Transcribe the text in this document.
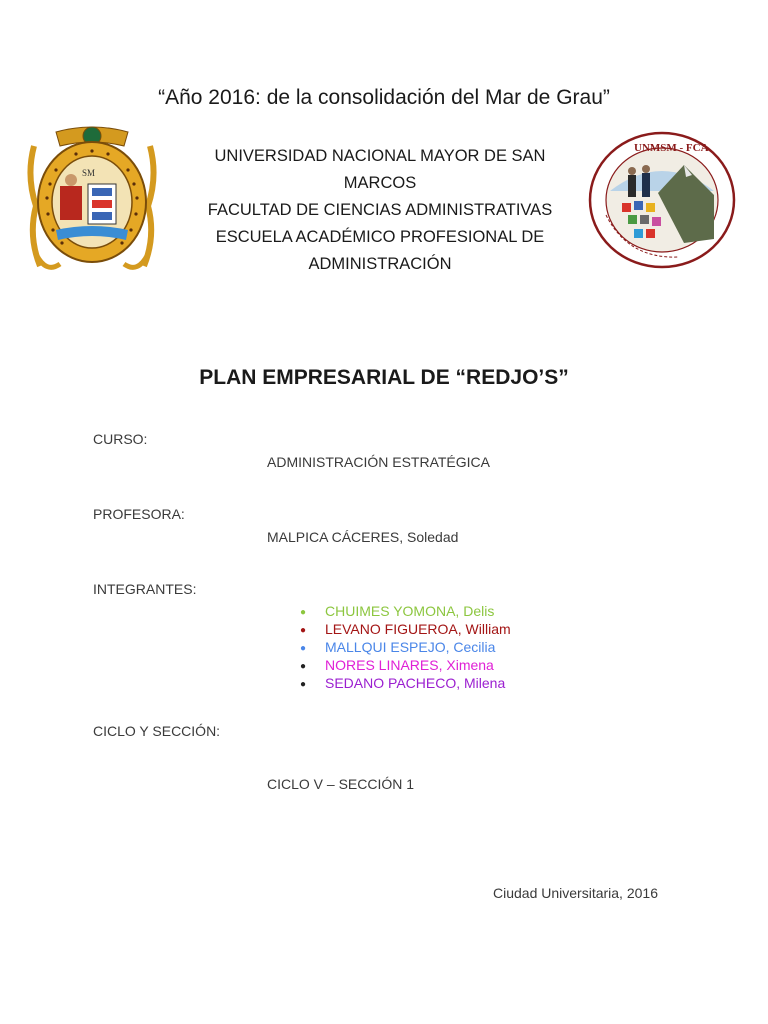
“Año 2016: de la consolidación del Mar de Grau”
SM
UNIVERSIDAD NACIONAL MAYOR DE SAN
MARCOS
FACULTAD DE CIENCIAS ADMINISTRATIVAS
ESCUELA ACADÉMICO PROFESIONAL DE
ADMINISTRACIÓN
UNMSM - FCA
PLAN EMPRESARIAL DE “REDJO’S”
CURSO:
ADMINISTRACIÓN ESTRATÉGICA
PROFESORA:
MALPICA CÁCERES, Soledad
INTEGRANTES:
● CHUIMES YOMONA, Delis
● LEVANO FIGUEROA, William
● MALLQUI ESPEJO, Cecilia
● NORES LINARES, Ximena
● SEDANO PACHECO, Milena
CICLO Y SECCIÓN:
CICLO V – SECCIÓN 1
Ciudad Universitaria, 2016
